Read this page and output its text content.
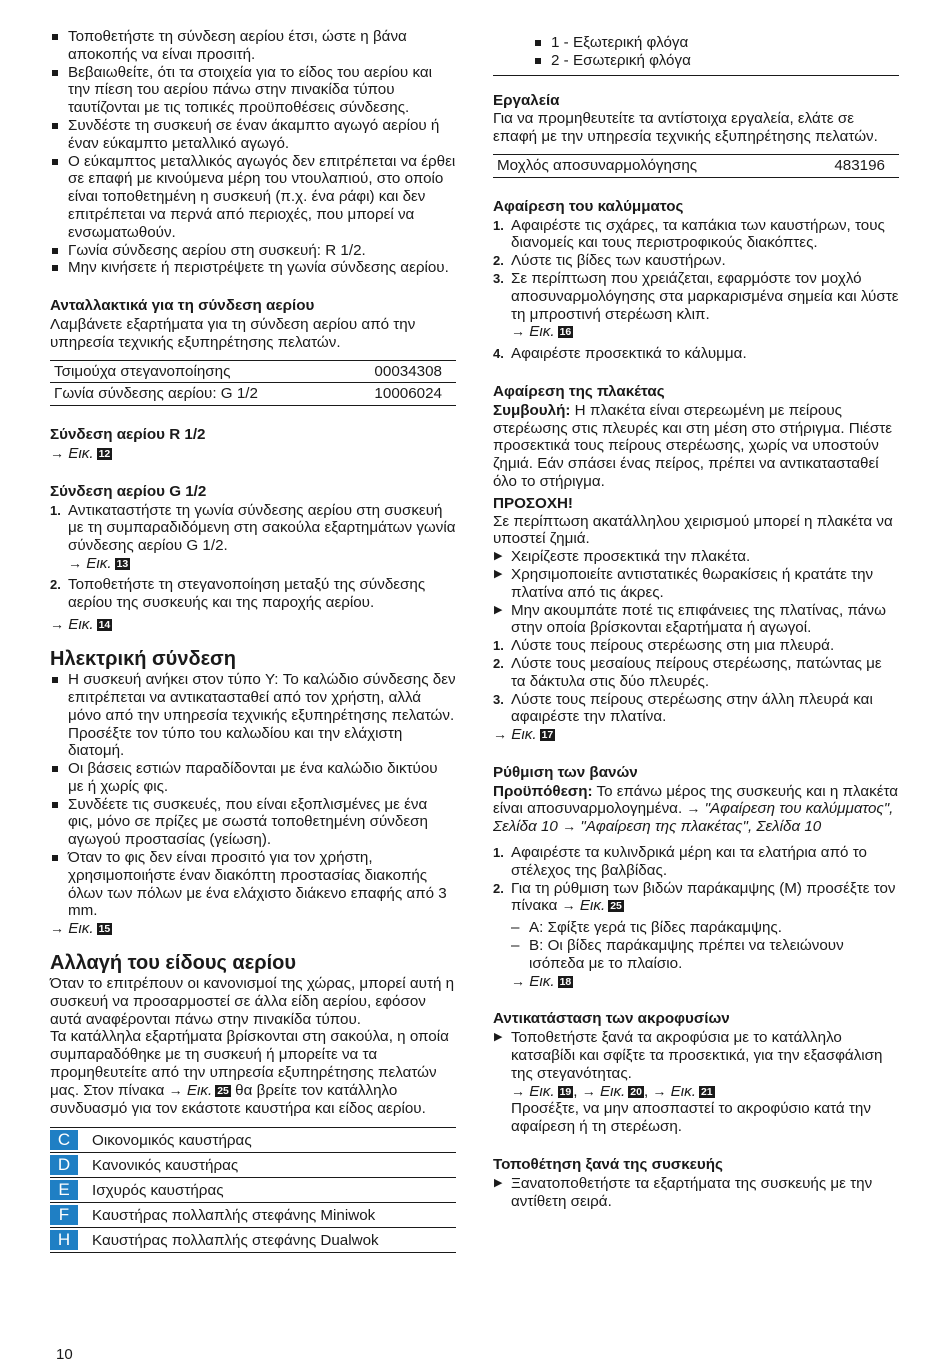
Τοποθετήστε τη σύνδεση αερίου έτσι, ώστε η βάνα αποκοπής να είναι προσιτή.
Βεβαιωθείτε, ότι τα στοιχεία για το είδος του αερίου και την πίεση του αερίου πάνω στην πινακίδα τύπου ταυτίζονται με τις τοπικές προϋποθέσεις σύνδεσης.
Συνδέστε τη συσκευή σε έναν άκαμπτο αγωγό αερίου ή έναν εύκαμπτο μεταλλικό αγωγό.
Ο εύκαμπτος μεταλλικός αγωγός δεν επιτρέπεται να έρθει σε επαφή με κινούμενα μέρη του ντουλαπιού, στο οποίο είναι τοποθετημένη η συσκευή (π.χ. ένα ράφι) και δεν επιτρέπεται να περνά από περιοχές, που μπορεί να ενσωματωθούν.
Γωνία σύνδεσης αερίου στη συσκευή: R 1/2.
Μην κινήσετε ή περιστρέψετε τη γωνία σύνδεσης αερίου.

Ανταλλακτικά για τη σύνδεση αερίου

Λαμβάνετε εξαρτήματα για τη σύνδεση αερίου από την υπηρεσία τεχνικής εξυπηρέτησης πελατών.

Τσιμούχα στεγανοποίησης	00034308
Γωνία σύνδεσης αερίου: G 1/2	10006024

Σύνδεση αερίου R 1/2

→ Εικ. 12

Σύνδεση αερίου G 1/2

1. Αντικαταστήστε τη γωνία σύνδεσης αερίου στη συσκευή με τη συμπαραδιδόμενη στη σακούλα εξαρτημάτων γωνία σύνδεσης αερίου G 1/2.
→ Εικ. 13
2. Τοποθετήστε τη στεγανοποίηση μεταξύ της σύνδεσης αερίου της συσκευής και της παροχής αερίου.

→ Εικ. 14

Ηλεκτρική σύνδεση

Η συσκευή ανήκει στον τύπο Y: Το καλώδιο σύνδεσης δεν επιτρέπεται να αντικατασταθεί από τον χρήστη, αλλά μόνο από την υπηρεσία τεχνικής εξυπηρέτησης πελατών. Προσέξτε τον τύπο του καλωδίου και την ελάχιστη διατομή.
Οι βάσεις εστιών παραδίδονται με ένα καλώδιο δικτύου με ή χωρίς φις.
Συνδέετε τις συσκευές, που είναι εξοπλισμένες με ένα φις, μόνο σε πρίζες με σωστά τοποθετημένη σύνδεση αγωγού προστασίας (γείωση).
Όταν το φις δεν είναι προσιτό για τον χρήστη, χρησιμοποιήστε έναν διακόπτη προστασίας διακοπής όλων των πόλων με ένα ελάχιστο διάκενο επαφής από 3 mm.

→ Εικ. 15

Αλλαγή του είδους αερίου

Όταν το επιτρέπουν οι κανονισμοί της χώρας, μπορεί αυτή η συσκευή να προσαρμοστεί σε άλλα είδη αερίου, εφόσον αυτά αναφέρονται πάνω στην πινακίδα τύπου.

Τα κατάλληλα εξαρτήματα βρίσκονται στη σακούλα, η οποία συμπαραδόθηκε με τη συσκευή ή μπορείτε να τα προμηθευτείτε από την υπηρεσία εξυπηρέτησης πελατών μας. Στον πίνακα → Εικ. 25 θα βρείτε τον κατάλληλο συνδυασμό για τον εκάστοτε καυστήρα και είδος αερίου.

C	Οικονομικός καυστήρας

D	Κανονικός καυστήρας

E	Ισχυρός καυστήρας

F	Καυστήρας πολλαπλής στεφάνης Miniwok

H	Καυστήρας πολλαπλής στεφάνης Dualwok
1 - Εξωτερική φλόγα
2 - Εσωτερική φλόγα

Εργαλεία

Για να προμηθευτείτε τα αντίστοιχα εργαλεία, ελάτε σε επαφή με την υπηρεσία τεχνικής εξυπηρέτησης πελατών.

Μοχλός αποσυναρμολόγησης	483196

Αφαίρεση του καλύμματος

1. Αφαιρέστε τις σχάρες, τα καπάκια των καυστήρων, τους διανομείς και τους περιστροφικούς διακόπτες.
2. Λύστε τις βίδες των καυστήρων.
3. Σε περίπτωση που χρειάζεται, εφαρμόστε τον μοχλό αποσυναρμολόγησης στα μαρκαρισμένα σημεία και λύστε τη μπροστινή στερέωση κλιπ.
→ Εικ. 16
4. Αφαιρέστε προσεκτικά το κάλυμμα.

Αφαίρεση της πλακέτας

Συμβουλή: Η πλακέτα είναι στερεωμένη με πείρους στερέωσης στις πλευρές και στη μέση στο στήριγμα. Πιέστε προσεκτικά τους πείρους στερέωσης, χωρίς να υποστούν ζημιά. Εάν σπάσει ένας πείρος, πρέπει να αντικατασταθεί όλο το στήριγμα.

ΠΡΟΣΟΧΗ!

Σε περίπτωση ακατάλληλου χειρισμού μπορεί η πλακέτα να υποστεί ζημιά.

▶ Χειρίζεστε προσεκτικά την πλακέτα.
▶ Χρησιμοποιείτε αντιστατικές θωρακίσεις ή κρατάτε την πλατίνα από τις άκρες.
▶ Μην ακουμπάτε ποτέ τις επιφάνειες της πλατίνας, πάνω στην οποία βρίσκονται εξαρτήματα ή αγωγοί.
1. Λύστε τους πείρους στερέωσης στη μια πλευρά.
2. Λύστε τους μεσαίους πείρους στερέωσης, πατώντας με τα δάκτυλα στις δύο πλευρές.
3. Λύστε τους πείρους στερέωσης στην άλλη πλευρά και αφαιρέστε την πλατίνα.

→ Εικ. 17

Ρύθμιση των βανών

Προϋπόθεση: Το επάνω μέρος της συσκευής και η πλακέτα είναι αποσυναρμολογημένα. → "Αφαίρεση του καλύμματος", Σελίδα 10 → "Αφαίρεση της πλακέτας", Σελίδα 10

1. Αφαιρέστε τα κυλινδρικά μέρη και τα ελατήρια από το στέλεχος της βαλβίδας.
2. Για τη ρύθμιση των βιδών παράκαμψης (M) προσέξτε τον πίνακα → Εικ. 25
– A: Σφίξτε γερά τις βίδες παράκαμψης.
– B: Οι βίδες παράκαμψης πρέπει να τελειώνουν ισόπεδα με το πλαίσιο.

→ Εικ. 18

Αντικατάσταση των ακροφυσίων

▶ Τοποθετήστε ξανά τα ακροφύσια με το κατάλληλο κατσαβίδι και σφίξτε τα προσεκτικά, για την εξασφάλιση της στεγανότητας.
→ Εικ. 19 , → Εικ. 20 , → Εικ. 21
Προσέξτε, να μην αποσπαστεί το ακροφύσιο κατά την αφαίρεση ή τη στερέωση.

Τοποθέτηση ξανά της συσκευής

▶ Ξανατοποθετήστε τα εξαρτήματα της συσκευής με την αντίθετη σειρά.
10
